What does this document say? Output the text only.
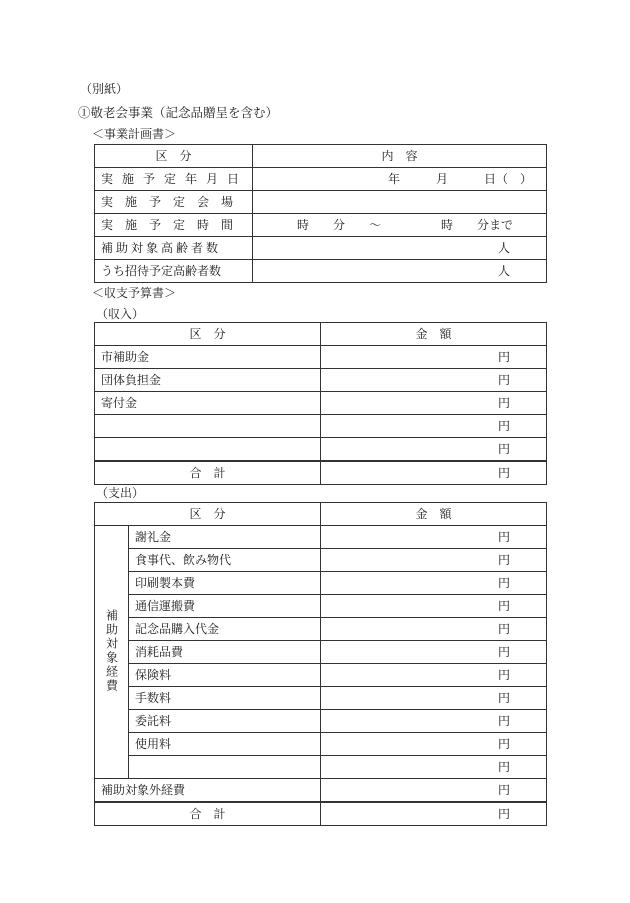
（別紙）
①敬老会事業（記念品贈呈を含む）
＜事業計画書＞
区　分	内　容
実施予定年月日	年　　　月　　　日（　）
実施予定会場	
実施予定時間	時　　分　　～　　　　　時　　分まで
補助対象高齢者数	人
うち招待予定高齢者数	人
＜収支予算書＞
（収入）
区　分	金　額
市補助金	円
団体負担金	円
寄付金	円
	円
	円
合　計	円
（支出）
区　分		金　額
補助対象経費	謝礼金	円
	食事代、飲み物代	円
	印刷製本費	円
	通信運搬費	円
	記念品購入代金	円
	消耗品費	円
	保険料	円
	手数料	円
	委託料	円
	使用料	円
		円
補助対象外経費		円
合　計		円
